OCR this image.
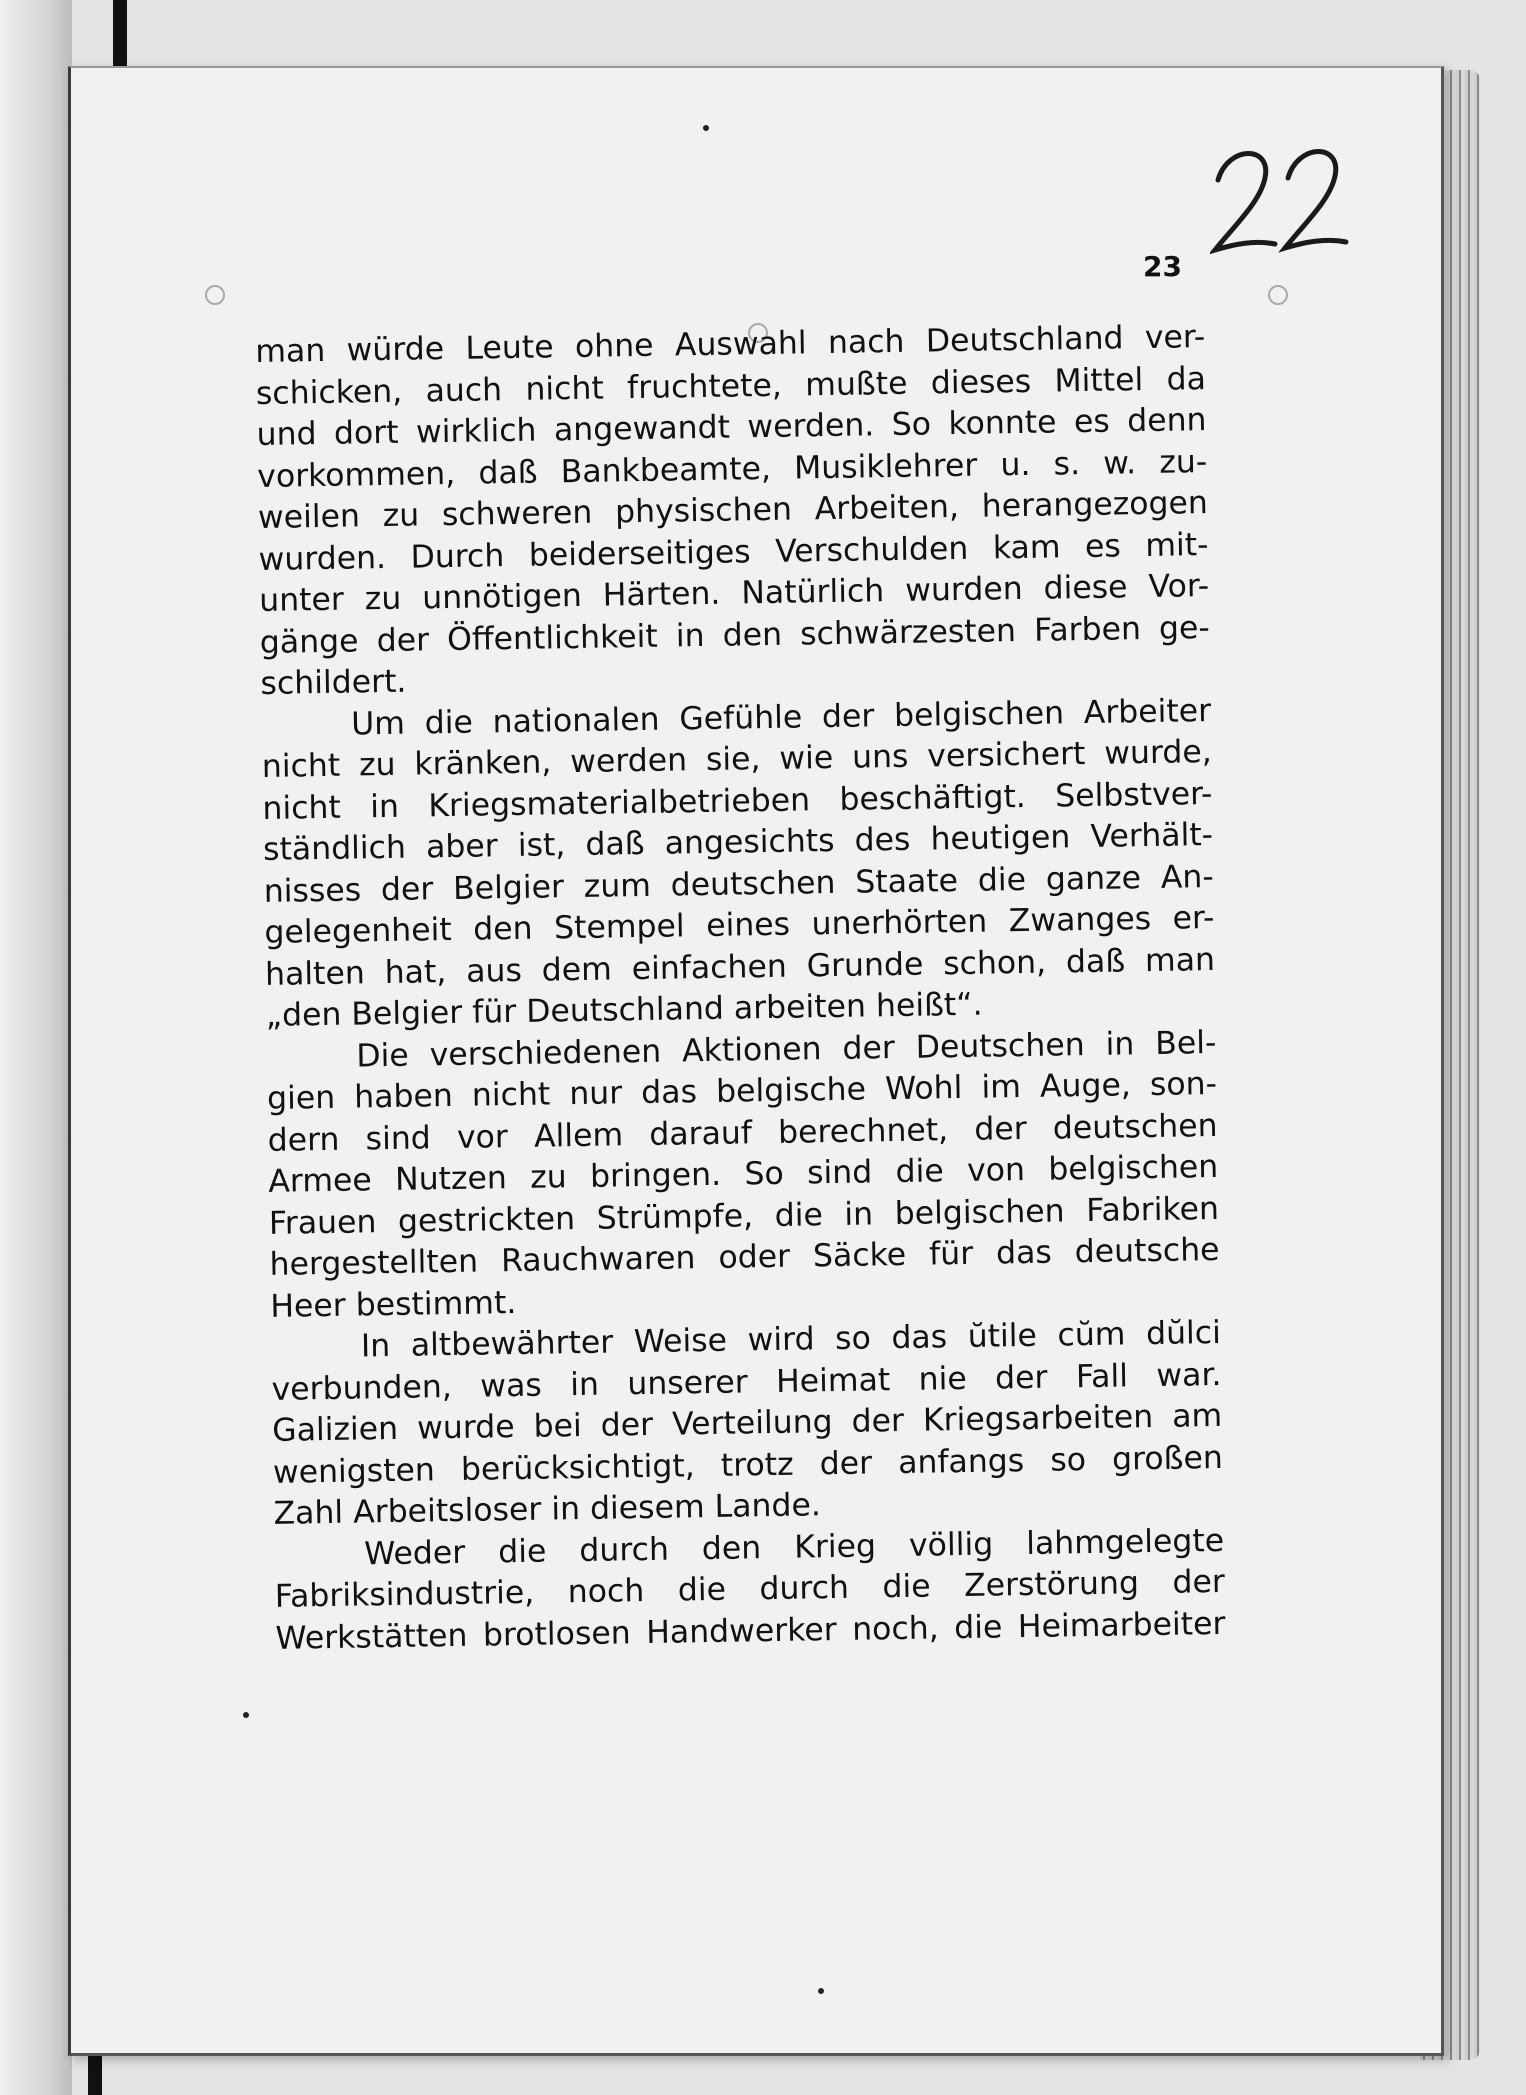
23

man würde Leute ohne Auswahl nach Deutschland ver-
schicken, auch nicht fruchtete, mußte dieses Mittel da
und dort wirklich angewandt werden. So konnte es denn
vorkommen, daß Bankbeamte, Musiklehrer u. s. w. zu-
weilen zu schweren physischen Arbeiten, herangezogen
wurden. Durch beiderseitiges Verschulden kam es mit-
unter zu unnötigen Härten. Natürlich wurden diese Vor-
gänge der Öffentlichkeit in den schwärzesten Farben ge-
schildert.

Um die nationalen Gefühle der belgischen Arbeiter
nicht zu kränken, werden sie, wie uns versichert wurde,
nicht in Kriegsmaterialbetrieben beschäftigt. Selbstver-
ständlich aber ist, daß angesichts des heutigen Verhält-
nisses der Belgier zum deutschen Staate die ganze An-
gelegenheit den Stempel eines unerhörten Zwanges er-
halten hat, aus dem einfachen Grunde schon, daß man
„den Belgier für Deutschland arbeiten heißt“.

Die verschiedenen Aktionen der Deutschen in Bel-
gien haben nicht nur das belgische Wohl im Auge, son-
dern sind vor Allem darauf berechnet, der deutschen
Armee Nutzen zu bringen. So sind die von belgischen
Frauen gestrickten Strümpfe, die in belgischen Fabriken
hergestellten Rauchwaren oder Säcke für das deutsche
Heer bestimmt.

In altbewährter Weise wird so das ŭtile cŭm dŭlci
verbunden, was in unserer Heimat nie der Fall war.
Galizien wurde bei der Verteilung der Kriegsarbeiten am
wenigsten berücksichtigt, trotz der anfangs so großen
Zahl Arbeitsloser in diesem Lande.

Weder die durch den Krieg völlig lahmgelegte
Fabriksindustrie, noch die durch die Zerstörung der
Werkstätten brotlosen Handwerker noch, die Heimarbeiter
